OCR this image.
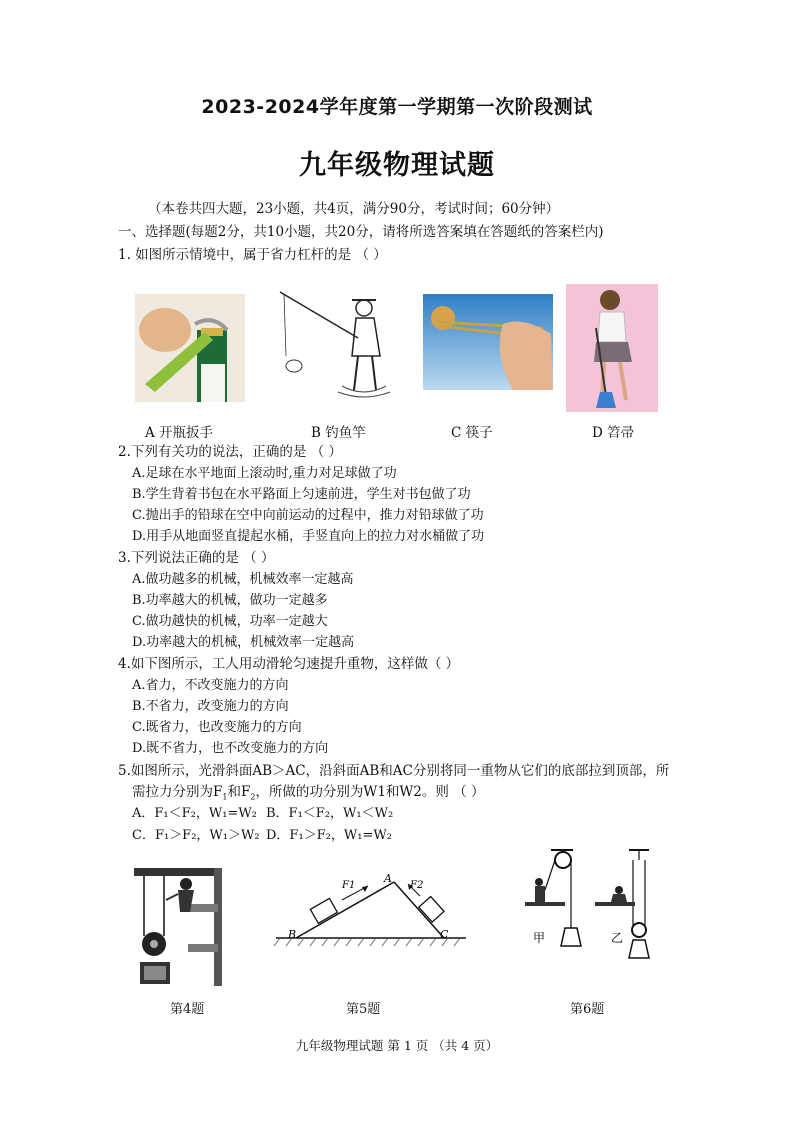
2023-2024学年度第一学期第一次阶段测试
九年级物理试题
（本卷共四大题，23小题，共4页，满分90分，考试时间；60分钟）
一、选择题(每题2分，共10小题，共20分，请将所选答案填在答题纸的答案栏内)
1. 如图所示情境中，属于省力杠杆的是 （ ）
A 开瓶扳手	B 钓鱼竿	C 筷子	D 笤帚
2.下列有关功的说法，正确的是 （ ）
A.足球在水平地面上滚动时,重力对足球做了功
B.学生背着书包在水平路面上匀速前进，学生对书包做了功
C.抛出手的铅球在空中向前运动的过程中，推力对铅球做了功
D.用手从地面竖直提起水桶，手竖直向上的拉力对水桶做了功
3.下列说法正确的是 （ ）
A.做功越多的机械，机械效率一定越高
B.功率越大的机械，做功一定越多
C.做功越快的机械，功率一定越大
D.功率越大的机械，机械效率一定越高
4.如下图所示，工人用动滑轮匀速提升重物，这样做（ ）
A.省力，不改变施力的方向
B.不省力，改变施力的方向
C.既省力，也改变施力的方向
D.既不省力，也不改变施力的方向
5.如图所示，光滑斜面AB＞AC，沿斜面AB和AC分别将同一重物从它们的底部拉到顶部，所
需拉力分别为$F_1$和$F_2$，所做的功分别为W1和W2。则 （ ）
A．F₁＜F₂，W₁=W₂ B．F₁＜F₂，W₁＜W₂
C．F₁＞F₂，W₁＞W₂ D．F₁＞F₂，W₁=W₂
B
A
C
F1	F2
甲	乙
第4题	第5题	第6题
九年级物理试题 第 1 页 （共 4 页）
